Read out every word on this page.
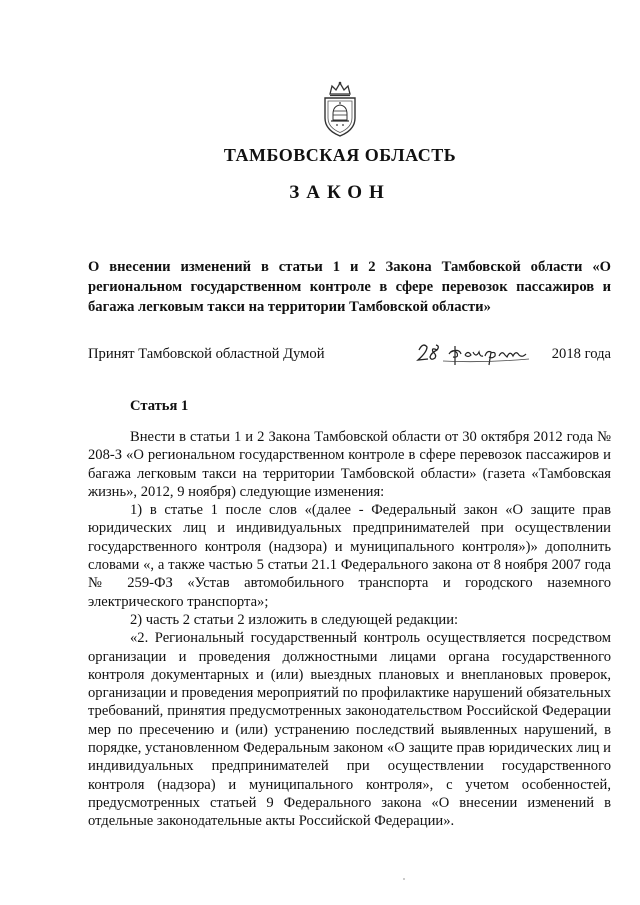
ТАМБОВСКАЯ ОБЛАСТЬ
ЗАКОН
О внесении изменений в статьи 1 и 2 Закона Тамбовской области «О региональном государственном контроле в сфере перевозок пассажиров и багажа легковым такси на территории Тамбовской области»
Принят Тамбовской областной Думой	2018 года
Статья 1

Внести в статьи 1 и 2 Закона Тамбовской области от 30 октября 2012 года № 208-З «О региональном государственном контроле в сфере перевозок пассажиров и багажа легковым такси на территории Тамбовской области» (газета «Тамбовская жизнь», 2012, 9 ноября) следующие изменения:

1) в статье 1 после слов «(далее - Федеральный закон «О защите прав юридических лиц и индивидуальных предпринимателей при осуществлении государственного контроля (надзора) и муниципального контроля»)» дополнить словами «, а также частью 5 статьи 21.1 Федерального закона от 8 ноября 2007 года № 259-ФЗ «Устав автомобильного транспорта и городского наземного электрического транспорта»;

2) часть 2 статьи 2 изложить в следующей редакции:

«2. Региональный государственный контроль осуществляется посредством организации и проведения должностными лицами органа государственного контроля документарных и (или) выездных плановых и внеплановых проверок, организации и проведения мероприятий по профилактике нарушений обязательных требований, принятия предусмотренных законодательством Российской Федерации мер по пресечению и (или) устранению последствий выявленных нарушений, в порядке, установленном Федеральным законом «О защите прав юридических лиц и индивидуальных предпринимателей при осуществлении государственного контроля (надзора) и муниципального контроля», с учетом особенностей, предусмотренных статьей 9 Федерального закона «О внесении изменений в отдельные законодательные акты Российской Федерации».
